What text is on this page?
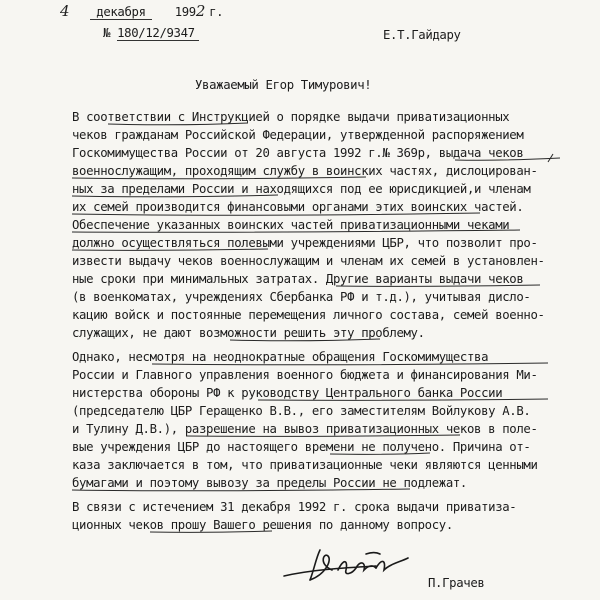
4 декабря 1992 г.
№ 180/12/9347	Е.Т.Гайдару
Уважаемый Егор Тимурович!
В соответствии с Инструкцией о порядке выдачи приватизационных
чеков гражданам Российской Федерации, утвержденной распоряжением
Госкомимущества России от 20 августа 1992 г.№ 369р, выдача чеков
военнослужащим, проходящим службу в воинских частях, дислоцирован-
ных за пределами России и находящихся под ее юрисдикцией,и членам
их семей производится финансовыми органами этих воинских частей.
Обеспечение указанных воинских частей приватизационными чеками
должно осуществляться полевыми учреждениями ЦБР, что позволит про-
извести выдачу чеков военнослужащим и членам их семей в установлен-
ные сроки при минимальных затратах. Другие варианты выдачи чеков
(в военкоматах, учреждениях Сбербанка РФ и т.д.), учитывая дисло-
кацию войск и постоянные перемещения личного состава, семей военно-
служащих, не дают возможности решить эту проблему.
Однако, несмотря на неоднократные обращения Госкомимущества
России и Главного управления военного бюджета и финансирования Ми-
нистерства обороны РФ к руководству Центрального банка России
(председателю ЦБР Геращенко В.В., его заместителям Войлукову А.В.
и Тулину Д.В.), разрешение на вывоз приватизационных чеков в поле-
вые учреждения ЦБР до настоящего времени не получено. Причина от-
каза заключается в том, что приватизационные чеки являются ценными
бумагами и поэтому вывозу за пределы России не подлежат.
В связи с истечением 31 декабря 1992 г. срока выдачи приватиза-
ционных чеков прошу Вашего решения по данному вопросу.
П.Грачев
